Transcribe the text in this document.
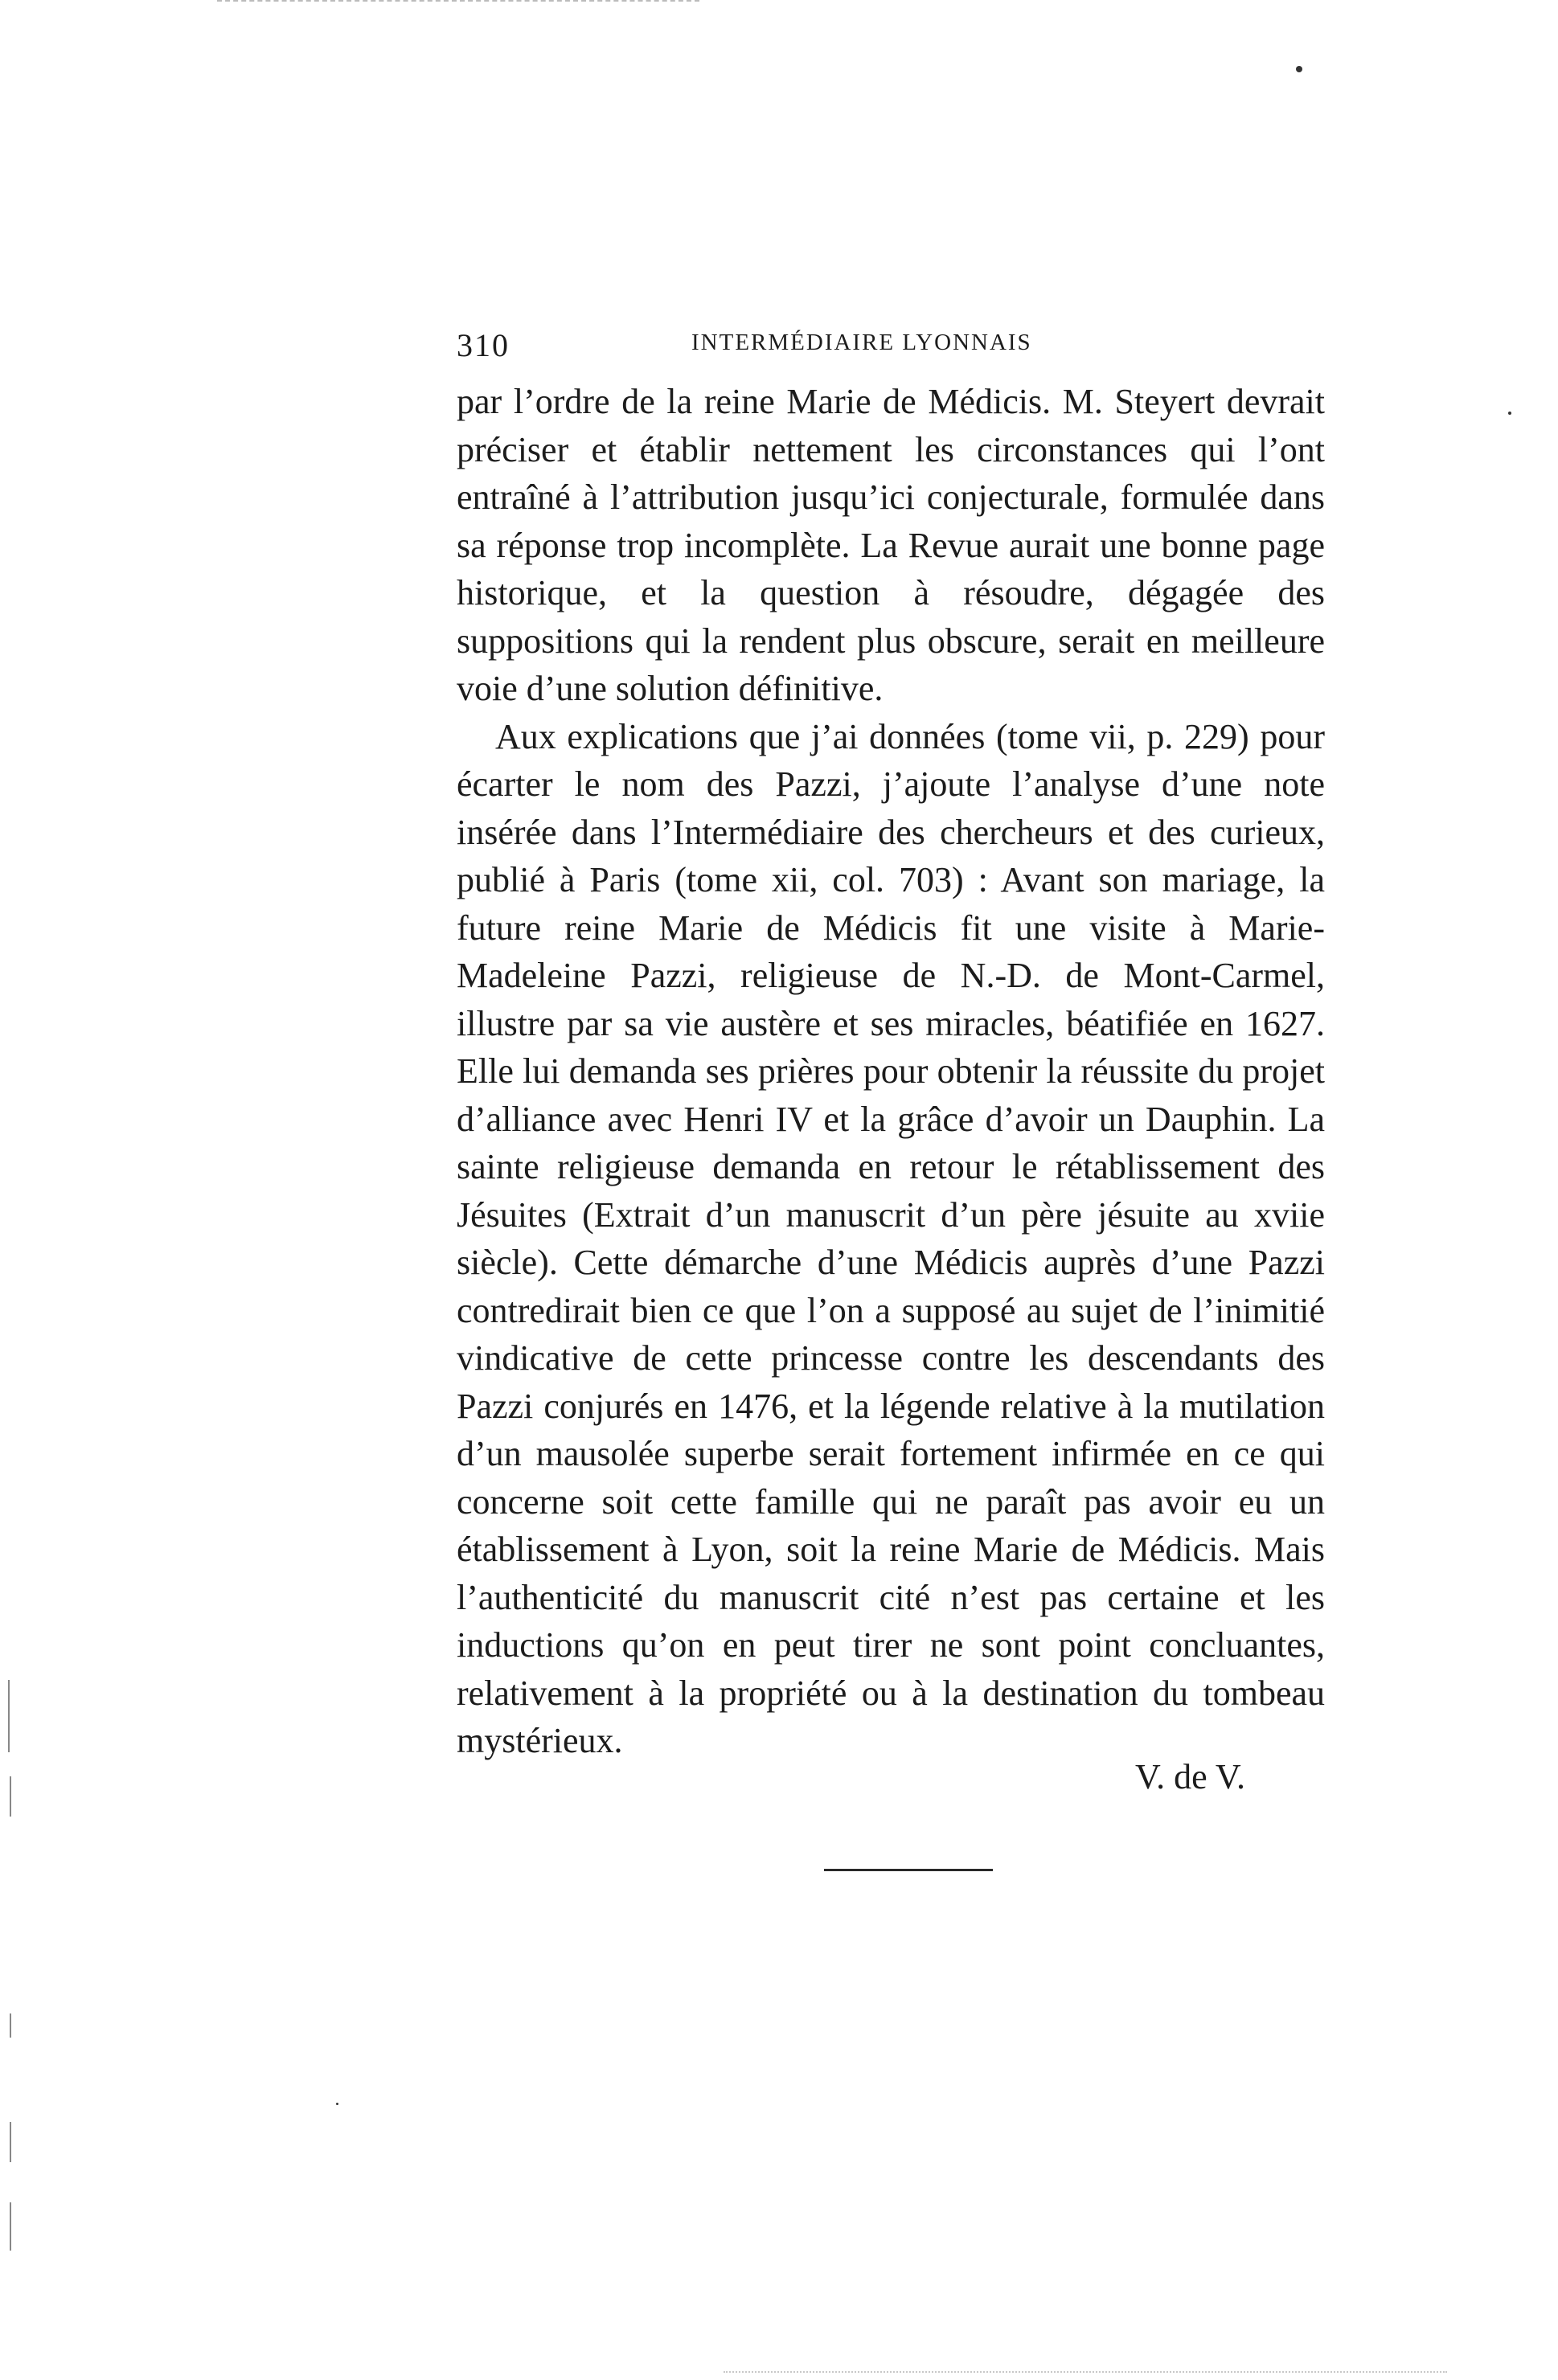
310	INTERMÉDIAIRE LYONNAIS

par l’ordre de la reine Marie de Médicis. M. Steyert devrait préciser et établir nettement les circonstances qui l’ont entraîné à l’attribution jusqu’ici conjecturale, formulée dans sa réponse trop incomplète. La Revue aurait une bonne page historique, et la question à résoudre, dégagée des suppositions qui la rendent plus obscure, serait en meilleure voie d’une solution définitive.

Aux explications que j’ai données (tome vii, p. 229) pour écarter le nom des Pazzi, j’ajoute l’analyse d’une note insérée dans l’Intermédiaire des chercheurs et des curieux, publié à Paris (tome xii, col. 703) : Avant son mariage, la future reine Marie de Médicis fit une visite à Marie-Madeleine Pazzi, religieuse de N.-D. de Mont-Carmel, illustre par sa vie austère et ses miracles, béatifiée en 1627. Elle lui demanda ses prières pour obtenir la réussite du projet d’alliance avec Henri IV et la grâce d’avoir un Dauphin. La sainte religieuse demanda en retour le rétablissement des Jésuites (Extrait d’un manuscrit d’un père jésuite au xviie siècle). Cette démarche d’une Médicis auprès d’une Pazzi contredirait bien ce que l’on a supposé au sujet de l’inimitié vindicative de cette princesse contre les descendants des Pazzi conjurés en 1476, et la légende relative à la mutilation d’un mausolée superbe serait fortement infirmée en ce qui concerne soit cette famille qui ne paraît pas avoir eu un établissement à Lyon, soit la reine Marie de Médicis. Mais l’authenticité du manuscrit cité n’est pas certaine et les inductions qu’on en peut tirer ne sont point concluantes, relativement à la propriété ou à la destination du tombeau mystérieux.

V. de V.
